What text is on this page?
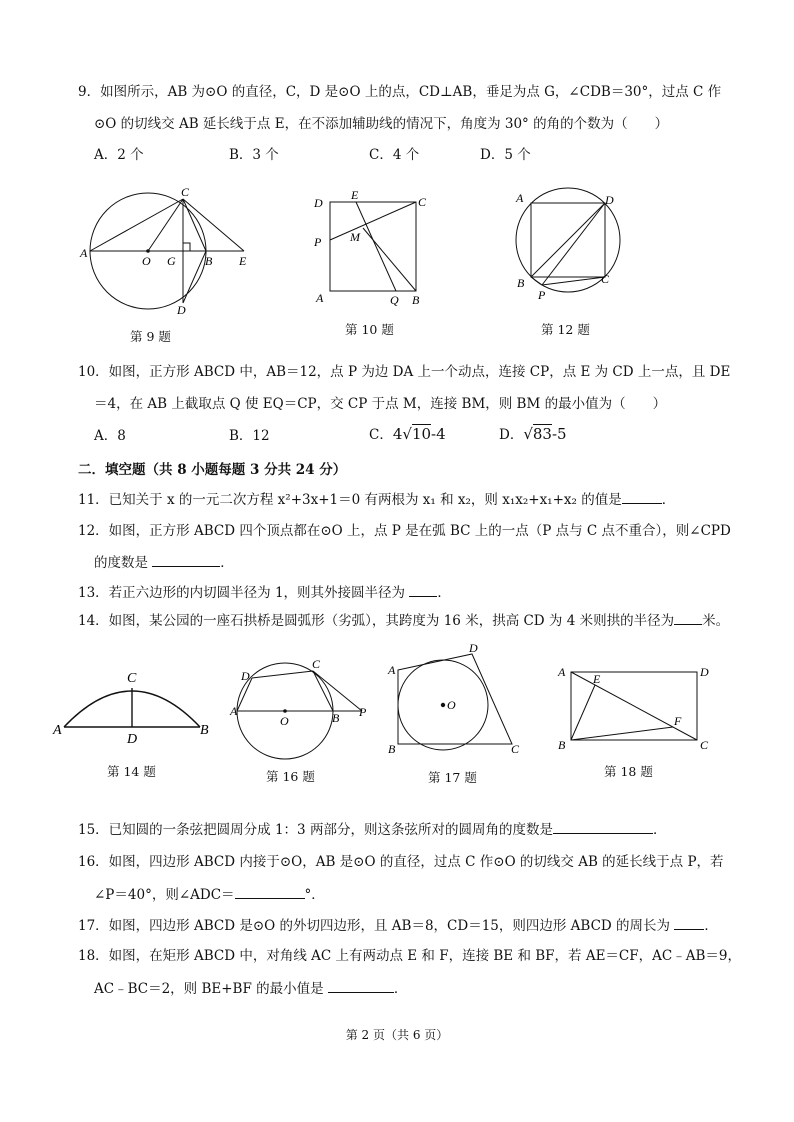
9．如图所示，AB 为⊙O 的直径，C，D 是⊙O 上的点，CD⊥AB，垂足为点 G，∠CDB＝30°，过点 C 作
⊙O 的切线交 AB 延长线于点 E，在不添加辅助线的情况下，角度为 30° 的角的个数为（　　）
A．2 个	B．3 个	C．4 个	D．5 个
C
A
O G B E
D
第 9 题
D
E	C
P M
A	Q B
第 10 题
A	D
B
P
C
第 12 题
10．如图，正方形 ABCD 中，AB＝12，点 P 为边 DA 上一个动点，连接 CP，点 E 为 CD 上一点，且 DE
＝4，在 AB 上截取点 Q 使 EQ＝CP，交 CP 于点 M，连接 BM，则 BM 的最小值为（　　）
A．8	B．12	C．4√10-4	D．√83-5
二．填空题（共 8 小题每题 3 分共 24 分）
11．已知关于 x 的一元二次方程 x²+3x+1＝0 有两根为 x₁ 和 x₂，则 x₁x₂+x₁+x₂ 的值是	．
12．如图，正方形 ABCD 四个顶点都在⊙O 上，点 P 是在弧 BC 上的一点（P 点与 C 点不重合），则∠CPD
的度数是	．
13．若正六边形的内切圆半径为 1，则其外接圆半径为 ．
14．如图，某公园的一座石拱桥是圆弧形（劣弧），其跨度为 16 米，拱高 CD 为 4 米则拱的半径为 米。
C
A
D
B
第 14 题
C
D
A
O	B P
第 16 题
D
A
O
B	C
第 17 题
A E	D
F
B	C
第 18 题
15．已知圆的一条弦把圆周分成 1：3 两部分，则这条弦所对的圆周角的度数是	．
16．如图，四边形 ABCD 内接于⊙O，AB 是⊙O 的直径，过点 C 作⊙O 的切线交 AB 的延长线于点 P，若
∠P＝40°，则∠ADC＝	°．
17．如图，四边形 ABCD 是⊙O 的外切四边形，且 AB＝8，CD＝15，则四边形 ABCD 的周长为	．
18．如图，在矩形 ABCD 中，对角线 AC 上有两动点 E 和 F，连接 BE 和 BF，若 AE＝CF，AC﹣AB＝9，
AC﹣BC＝2，则 BE+BF 的最小值是	．
第 2 页（共 6 页）
